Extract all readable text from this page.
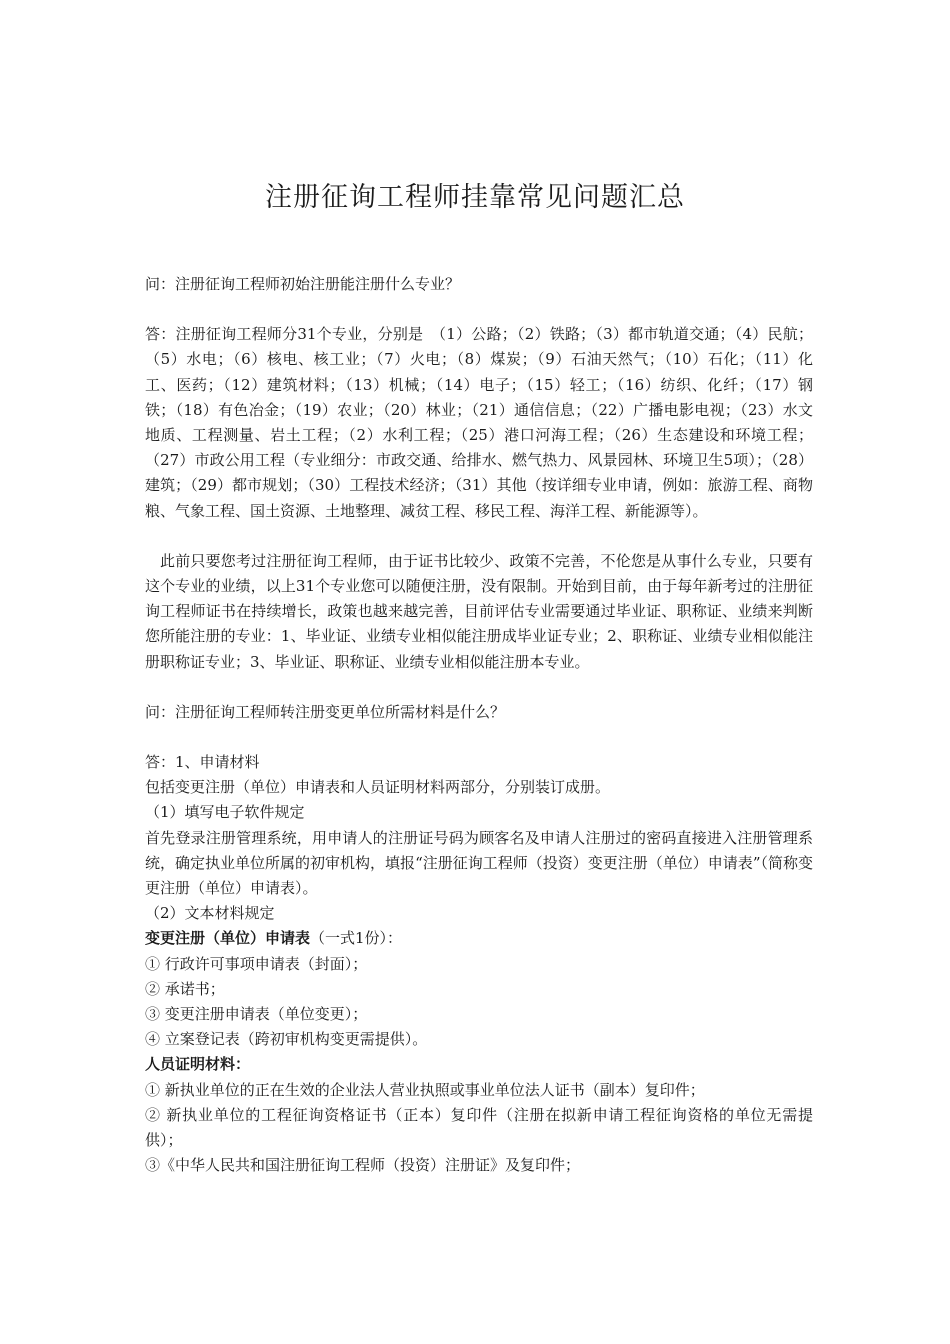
注册征询工程师挂靠常见问题汇总

问：注册征询工程师初始注册能注册什么专业？

答：注册征询工程师分31个专业，分别是　（1）公路；（2）铁路；（3）都市轨道交通；（4）民航；（5）水电；（6）核电、核工业；（7）火电；（8）煤炭；（9）石油天然气；（10）石化；（11）化工、医药；（12）建筑材料；（13）机械；（14）电子；（15）轻工；（16）纺织、化纤；（17）钢铁；（18）有色冶金；（19）农业；（20）林业；（21）通信信息；（22）广播电影电视；（23）水文地质、工程测量、岩土工程；（2）水利工程；（25）港口河海工程；（26）生态建设和环境工程；（27）市政公用工程（专业细分：市政交通、给排水、燃气热力、风景园林、环境卫生5项）；（28）建筑；（29）都市规划；（30）工程技术经济；（31）其他（按详细专业申请，例如：旅游工程、商物粮、气象工程、国土资源、土地整理、减贫工程、移民工程、海洋工程、新能源等）。

此前只要您考过注册征询工程师，由于证书比较少、政策不完善，不伦您是从事什么专业，只要有这个专业的业绩，以上31个专业您可以随便注册，没有限制。开始到目前，由于每年新考过的注册征询工程师证书在持续增长，政策也越来越完善，目前评估专业需要通过毕业证、职称证、业绩来判断您所能注册的专业：1、毕业证、业绩专业相似能注册成毕业证专业；2、职称证、业绩专业相似能注册职称证专业；3、毕业证、职称证、业绩专业相似能注册本专业。

问：注册征询工程师转注册变更单位所需材料是什么？

答：1、申请材料

包括变更注册（单位）申请表和人员证明材料两部分，分别装订成册。

（1）填写电子软件规定

首先登录注册管理系统，用申请人的注册证号码为顾客名及申请人注册过的密码直接进入注册管理系统，确定执业单位所属的初审机构，填报“注册征询工程师（投资）变更注册（单位）申请表”（简称变更注册（单位）申请表）。

（2）文本材料规定

变更注册（单位）申请表（一式1份）：

① 行政许可事项申请表（封面）；

② 承诺书；

③ 变更注册申请表（单位变更）；

④ 立案登记表（跨初审机构变更需提供）。

人员证明材料：

① 新执业单位的正在生效的企业法人营业执照或事业单位法人证书（副本）复印件；

② 新执业单位的工程征询资格证书（正本）复印件（注册在拟新申请工程征询资格的单位无需提供）；

③《中华人民共和国注册征询工程师（投资）注册证》及复印件；
